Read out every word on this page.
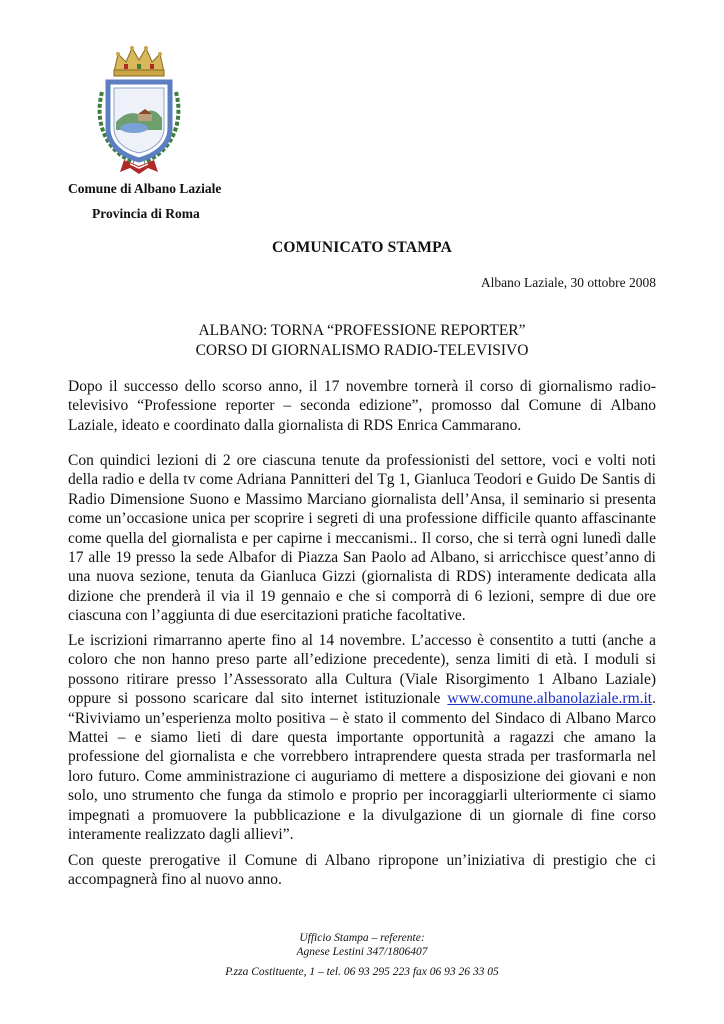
Comune di Albano Laziale
Provincia di Roma
COMUNICATO STAMPA
Albano Laziale, 30 ottobre 2008
ALBANO: TORNA “PROFESSIONE REPORTER”
CORSO DI GIORNALISMO RADIO-TELEVISIVO

Dopo il successo dello scorso anno, il 17 novembre tornerà il corso di giornalismo radio-televisivo “Professione reporter – seconda edizione”, promosso dal Comune di Albano Laziale, ideato e coordinato dalla giornalista di RDS Enrica Cammarano.

Con quindici lezioni di 2 ore ciascuna tenute da professionisti del settore, voci e volti noti della radio e della tv come Adriana Pannitteri del Tg 1, Gianluca Teodori e Guido De Santis di Radio Dimensione Suono e Massimo Marciano giornalista dell’Ansa, il seminario si presenta come un’occasione unica per scoprire i segreti di una professione difficile quanto affascinante come quella del giornalista e per capirne i meccanismi.. Il corso, che si terrà ogni lunedì dalle 17 alle 19 presso la sede Albafor di Piazza San Paolo ad Albano, si arricchisce quest’anno di una nuova sezione, tenuta da Gianluca Gizzi (giornalista di RDS) interamente dedicata alla dizione che prenderà il via il 19 gennaio e che si comporrà di 6 lezioni, sempre di due ore ciascuna con l’aggiunta di due esercitazioni pratiche facoltative.

Le iscrizioni rimarranno aperte fino al 14 novembre. L’accesso è consentito a tutti (anche a coloro che non hanno preso parte all’edizione precedente), senza limiti di età. I moduli si possono ritirare presso l’Assessorato alla Cultura (Viale Risorgimento 1 Albano Laziale) oppure si possono scaricare dal sito internet istituzionale www.comune.albanolaziale.rm.it. “Riviviamo un’esperienza molto positiva – è stato il commento del Sindaco di Albano Marco Mattei – e siamo lieti di dare questa importante opportunità a ragazzi che amano la professione del giornalista e che vorrebbero intraprendere questa strada per trasformarla nel loro futuro. Come amministrazione ci auguriamo di mettere a disposizione dei giovani e non solo, uno strumento che funga da stimolo e proprio per incoraggiarli ulteriormente ci siamo impegnati a promuovere la pubblicazione e la divulgazione di un giornale di fine corso interamente realizzato dagli allievi”.

Con queste prerogative il Comune di Albano ripropone un’iniziativa di prestigio che ci accompagnerà fino al nuovo anno.

Ufficio Stampa – referente:
Agnese Lestini 347/1806407
P.zza Costituente, 1 – tel. 06 93 295 223 fax 06 93 26 33 05
